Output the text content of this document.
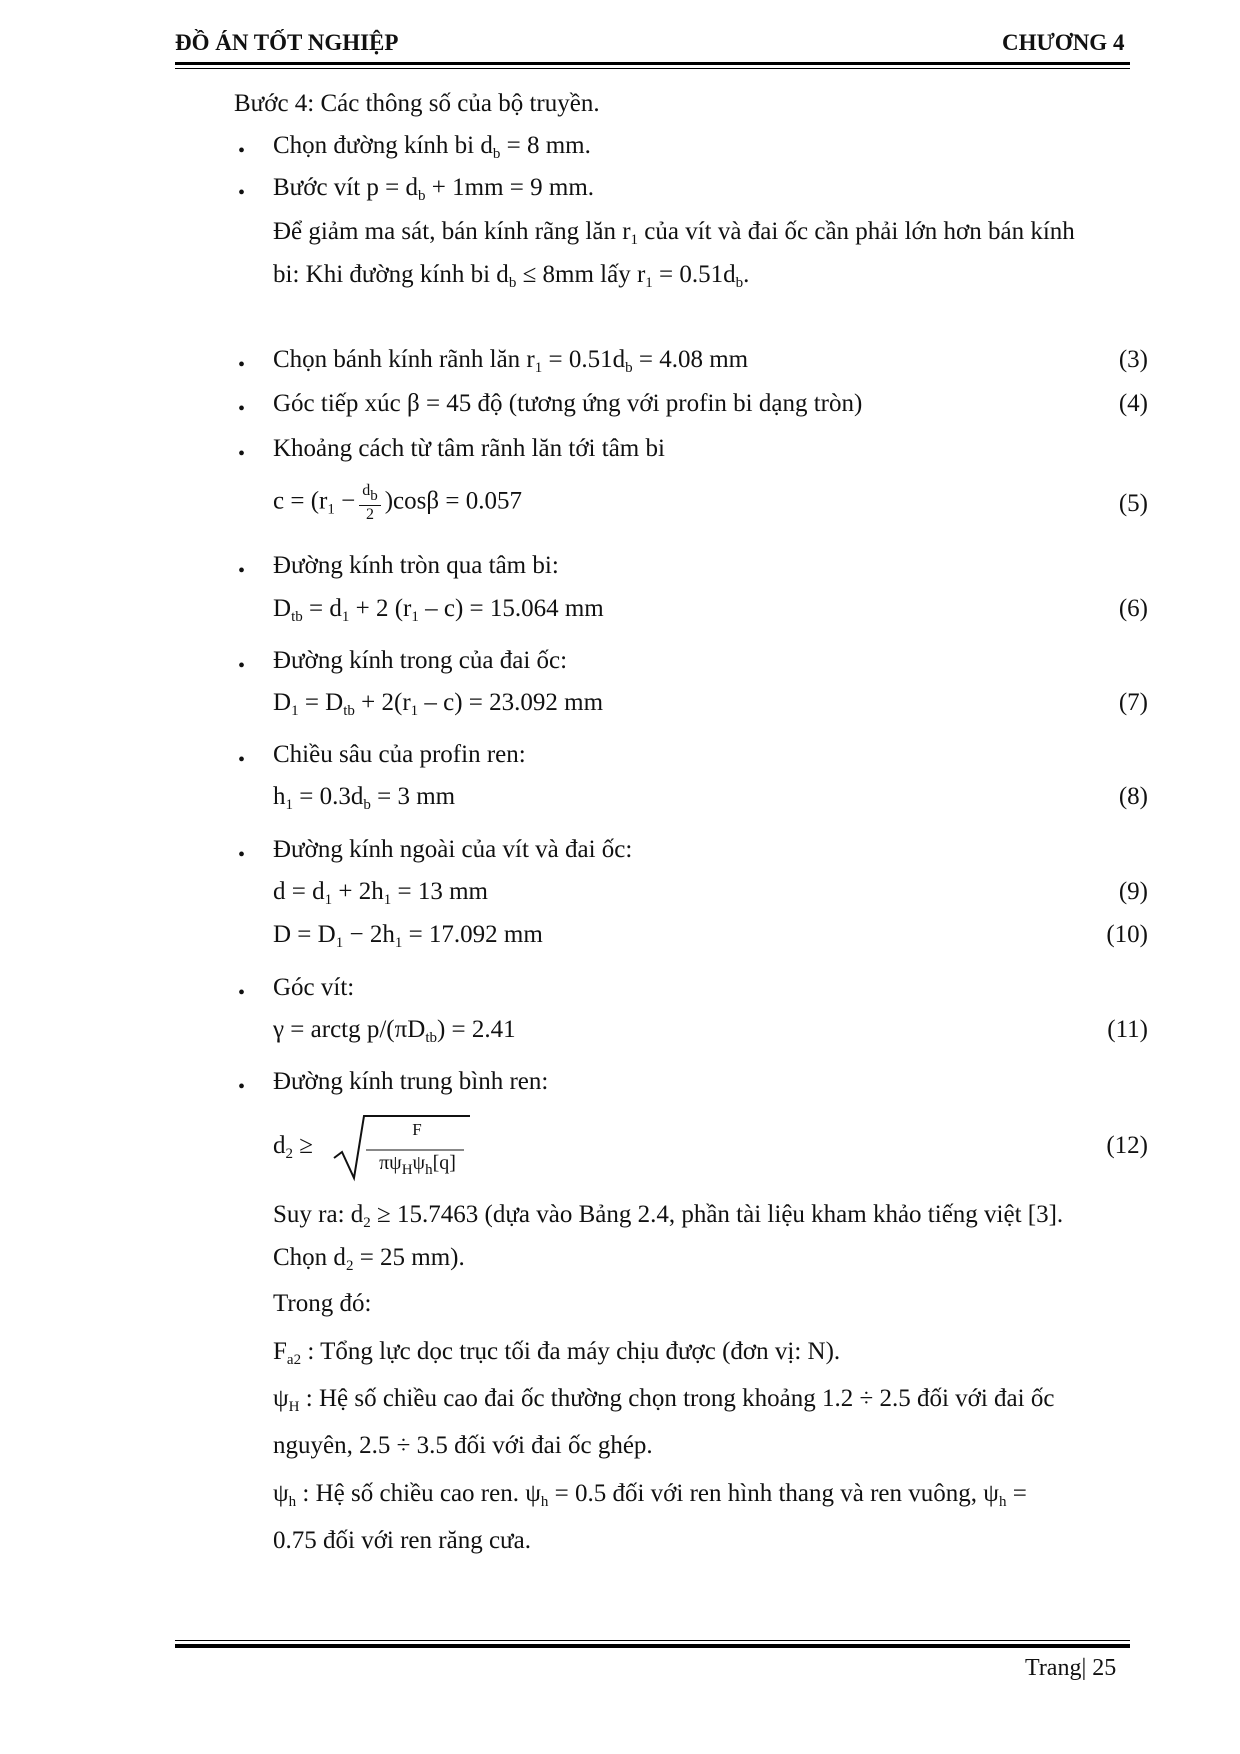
ĐỒ ÁN TỐT NGHIỆP	CHƯƠNG 4
Bước 4: Các thông số của bộ truyền.
• Chọn đường kính bi $d_b = 8$ mm.
• Bước vít $p = d_b + 1mm = 9$ mm.
Để giảm ma sát, bán kính rãng lăn $r_1$ của vít và đai ốc cần phải lớn hơn bán kính
bi: Khi đường kính bi $d_b \le 8mm$ lấy $r_1 = 0.51d_b$.
• Chọn bánh kính rãnh lăn $r_1 = 0.51d_b = 4.08$ mm	(3)
• Góc tiếp xúc β = 45 độ (tương ứng với profin bi dạng tròn)	(4)
• Khoảng cách từ tâm rãnh lăn tới tâm bi
$c = (r_1 - \frac{d_b}{2} )\cos\beta = 0.057$	(5)
• Đường kính tròn qua tâm bi:
$D_{tb} = d_1 + 2$ $(r_1 - c) = 15.064$ mm	(6)
• Đường kính trong của đai ốc:
$D_1 = D_{tb} + 2(r_1 - c) = 23.092$ mm	(7)
• Chiều sâu của profin ren:
$h_1 = 0.3d_b = 3$ mm	(8)
• Đường kính ngoài của vít và đai ốc:
$d = d_1 + 2h_1 = 13$ mm	(9)
$D = D_1 - 2h_1 = 17.092$ mm	(10)
• Góc vít:
γ = arctg $p/(\pi D_{tb}) = 2.41$	(11)
• Đường kính trung bình ren:
$d_2$ ≥
F
$\pi\psi_H\psi_h[q]$
(12)
Suy ra: $d_2 \ge 15.7463$ (dựa vào Bảng 2.4, phần tài liệu kham khảo tiếng việt [3].
Chọn $d_2 = 25$ mm).
Trong đó:
$F_{a2}$ : Tổng lực dọc trục tối đa máy chịu được (đơn vị: N).
$\psi_H$ : Hệ số chiều cao đai ốc thường chọn trong khoảng 1.2 ÷ 2.5 đối với đai ốc
nguyên, 2.5 ÷ 3.5 đối với đai ốc ghép.
$\psi_h$ : Hệ số chiều cao ren. $\psi_h = 0.5$ đối với ren hình thang và ren vuông, $\psi_h$ =
0.75 đối với ren răng cưa.
Trang| 25
